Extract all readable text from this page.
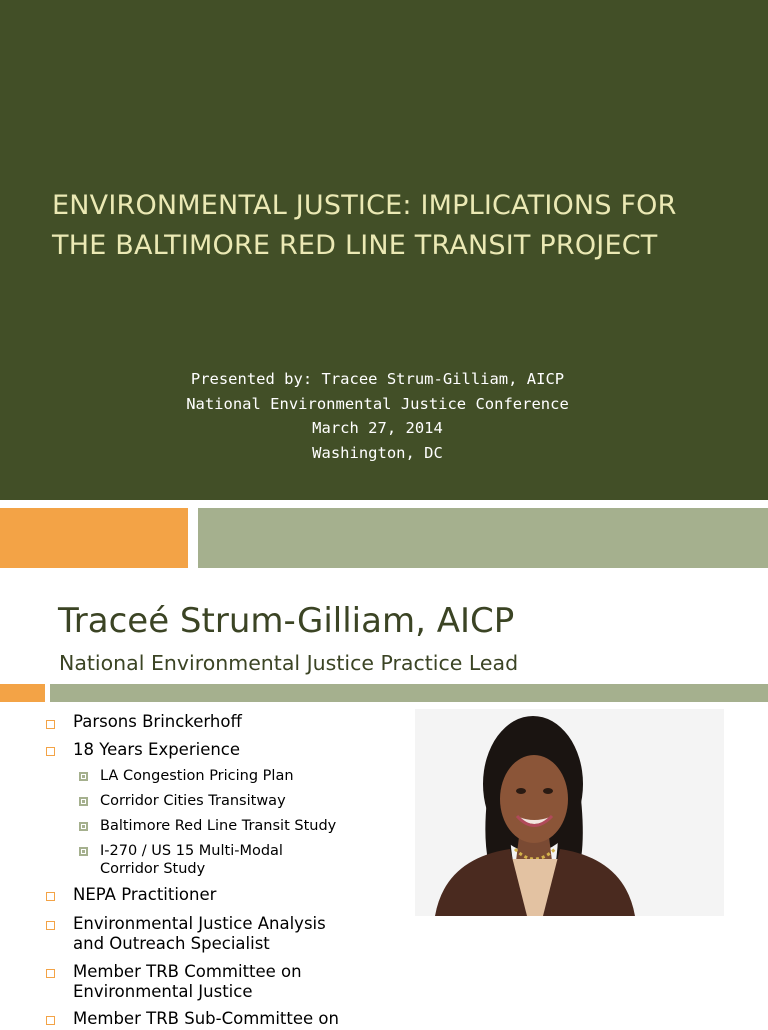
ENVIRONMENTAL JUSTICE: IMPLICATIONS FOR
THE BALTIMORE RED LINE TRANSIT PROJECT
Presented by: Tracee Strum-Gilliam, AICP
National Environmental Justice Conference
March 27, 2014
Washington, DC
Traceé Strum-Gilliam, AICP
National Environmental Justice Practice Lead
Parsons Brinckerhoff
18 Years Experience
LA Congestion Pricing Plan
Corridor Cities Transitway
Baltimore Red Line Transit Study
I-270 / US 15 Multi-Modal
Corridor Study
NEPA Practitioner
Environmental Justice Analysis
and Outreach Specialist
Member TRB Committee on
Environmental Justice
Member TRB Sub-Committee on
